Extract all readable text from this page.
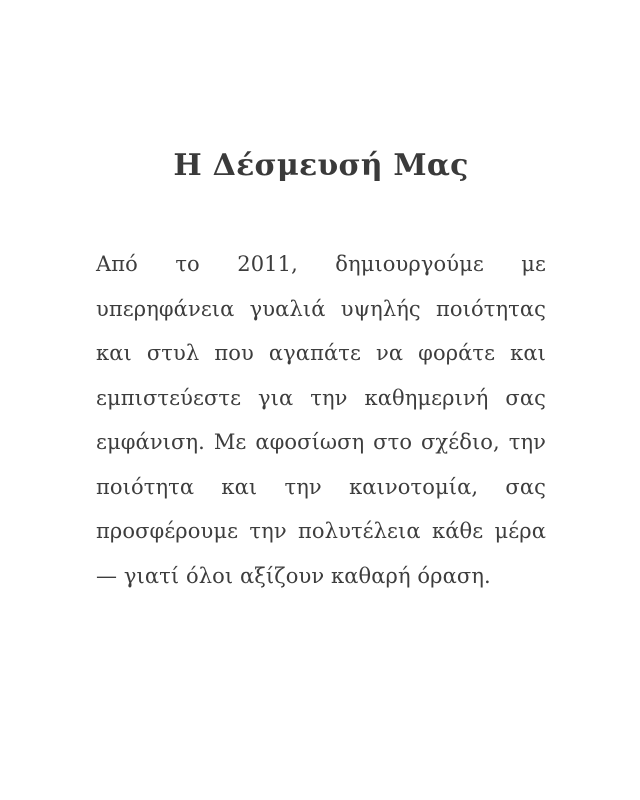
Η Δέσμευσή Μας

Από το 2011, δημιουργούμε με υπερηφάνεια γυαλιά υψηλής ποιότητας και στυλ που αγαπάτε να φοράτε και εμπιστεύεστε για την καθημερινή σας εμφάνιση. Με αφοσίωση στο σχέδιο, την ποιότητα και την καινοτομία, σας προσφέρουμε την πολυτέλεια κάθε μέρα — γιατί όλοι αξίζουν καθαρή όραση.
